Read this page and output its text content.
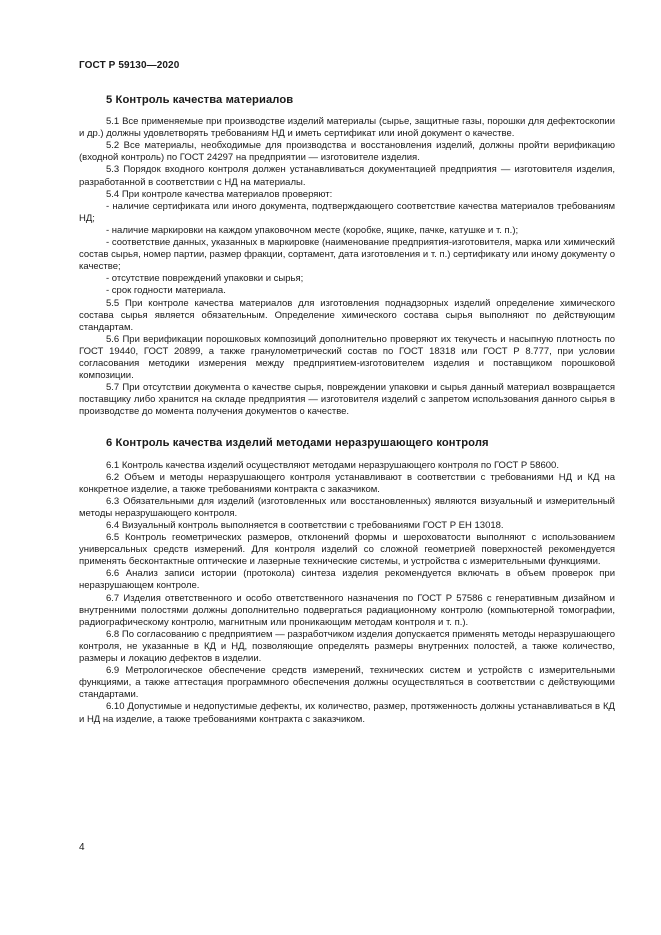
ГОСТ Р 59130—2020
5 Контроль качества материалов

5.1 Все применяемые при производстве изделий материалы (сырье, защитные газы, порошки для дефектоскопии и др.) должны удовлетворять требованиям НД и иметь сертификат или иной документ о качестве.

5.2 Все материалы, необходимые для производства и восстановления изделий, должны пройти верификацию (входной контроль) по ГОСТ 24297 на предприятии — изготовителе изделия.

5.3 Порядок входного контроля должен устанавливаться документацией предприятия — изготовителя изделия, разработанной в соответствии с НД на материалы.

5.4 При контроле качества материалов проверяют:

- наличие сертификата или иного документа, подтверждающего соответствие качества материалов требованиям НД;

- наличие маркировки на каждом упаковочном месте (коробке, ящике, пачке, катушке и т. п.);

- соответствие данных, указанных в маркировке (наименование предприятия-изготовителя, марка или химический состав сырья, номер партии, размер фракции, сортамент, дата изготовления и т. п.) сертификату или иному документу о качестве;

- отсутствие повреждений упаковки и сырья;

- срок годности материала.

5.5 При контроле качества материалов для изготовления поднадзорных изделий определение химического состава сырья является обязательным. Определение химического состава сырья выполняют по действующим стандартам.

5.6 При верификации порошковых композиций дополнительно проверяют их текучесть и насыпную плотность по ГОСТ 19440, ГОСТ 20899, а также гранулометрический состав по ГОСТ 18318 или ГОСТ Р 8.777, при условии согласования методики измерения между предприятием-изготовителем изделия и поставщиком порошковой композиции.

5.7 При отсутствии документа о качестве сырья, повреждении упаковки и сырья данный материал возвращается поставщику либо хранится на складе предприятия — изготовителя изделий с запретом использования данного сырья в производстве до момента получения документов о качестве.

6 Контроль качества изделий методами неразрушающего контроля

6.1 Контроль качества изделий осуществляют методами неразрушающего контроля по ГОСТ Р 58600.

6.2 Объем и методы неразрушающего контроля устанавливают в соответствии с требованиями НД и КД на конкретное изделие, а также требованиями контракта с заказчиком.

6.3 Обязательными для изделий (изготовленных или восстановленных) являются визуальный и измерительный методы неразрушающего контроля.

6.4 Визуальный контроль выполняется в соответствии с требованиями ГОСТ Р ЕН 13018.

6.5 Контроль геометрических размеров, отклонений формы и шероховатости выполняют с использованием универсальных средств измерений. Для контроля изделий со сложной геометрией поверхностей рекомендуется применять бесконтактные оптические и лазерные технические системы, и устройства с измерительными функциями.

6.6 Анализ записи истории (протокола) синтеза изделия рекомендуется включать в объем проверок при неразрушающем контроле.

6.7 Изделия ответственного и особо ответственного назначения по ГОСТ Р 57586 с генеративным дизайном и внутренними полостями должны дополнительно подвергаться радиационному контролю (компьютерной томографии, радиографическому контролю, магнитным или проникающим методам контроля и т. п.).

6.8 По согласованию с предприятием — разработчиком изделия допускается применять методы неразрушающего контроля, не указанные в КД и НД, позволяющие определять размеры внутренних полостей, а также количество, размеры и локацию дефектов в изделии.

6.9 Метрологическое обеспечение средств измерений, технических систем и устройств с измерительными функциями, а также аттестация программного обеспечения должны осуществляться в соответствии с действующими стандартами.

6.10 Допустимые и недопустимые дефекты, их количество, размер, протяженность должны устанавливаться в КД и НД на изделие, а также требованиями контракта с заказчиком.

4
